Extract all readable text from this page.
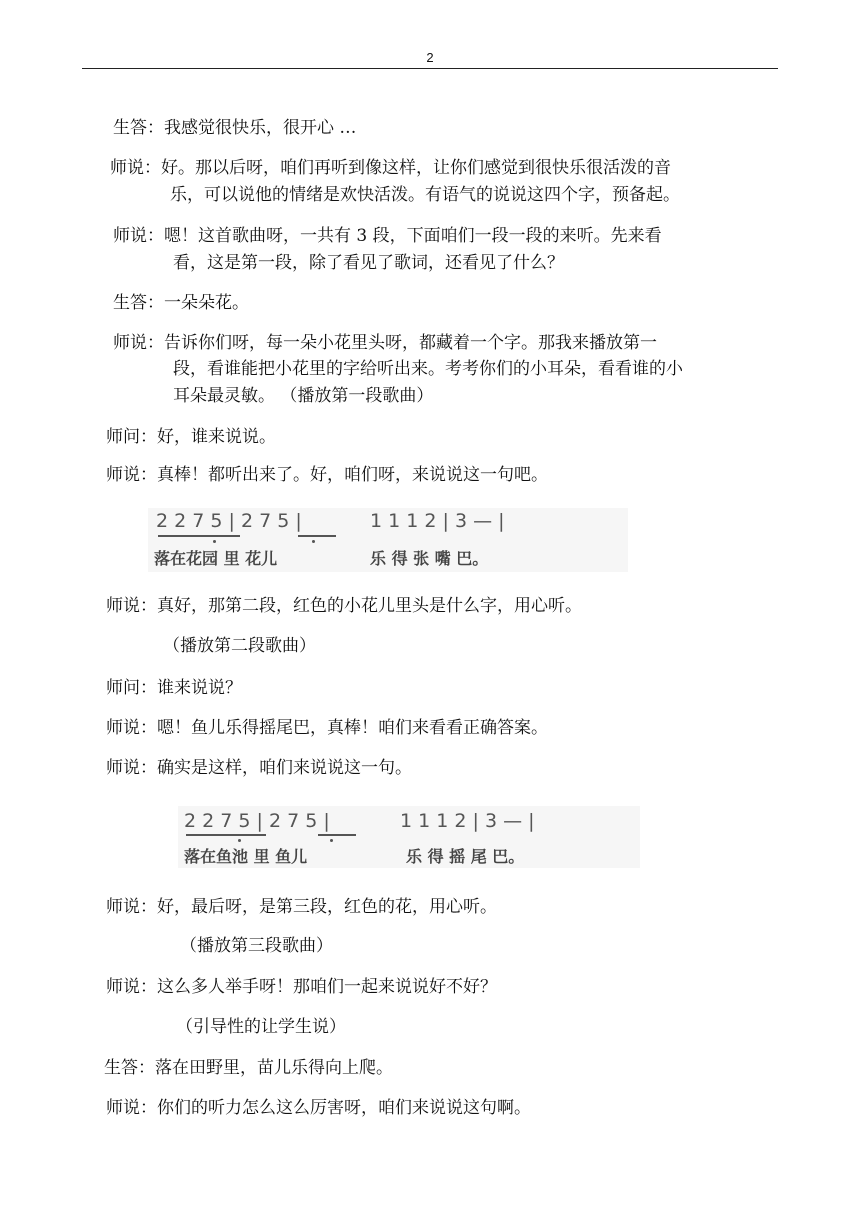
2
生答：我感觉很快乐，很开心 …
师说：好。那以后呀，咱们再听到像这样，让你们感觉到很快乐很活泼的音
乐，可以说他的情绪是欢快活泼。有语气的说说这四个字，预备起。
师说：嗯！这首歌曲呀，一共有 3 段，下面咱们一段一段的来听。先来看
看，这是第一段，除了看见了歌词，还看见了什么？
生答：一朵朵花。
师说：告诉你们呀，每一朵小花里头呀，都藏着一个字。那我来播放第一
段，看谁能把小花里的字给听出来。考考你们的小耳朵，看看谁的小
耳朵最灵敏。 （播放第一段歌曲）
师问：好，谁来说说。
师说：真棒！都听出来了。好，咱们呀，来说说这一句吧。
2 2 7 5 | 2 7 5 |	1 1 1 2 | 3 — |
落在花园 里 花儿	乐 得 张 嘴 巴。
师说：真好，那第二段，红色的小花儿里头是什么字，用心听。
（播放第二段歌曲）
师问：谁来说说？
师说：嗯！鱼儿乐得摇尾巴，真棒！咱们来看看正确答案。
师说：确实是这样，咱们来说说这一句。
2 2 7 5 | 2 7 5 |	1 1 1 2 | 3 — |
落在鱼池 里 鱼儿	乐 得 摇 尾 巴。
师说：好，最后呀，是第三段，红色的花，用心听。
（播放第三段歌曲）
师说：这么多人举手呀！那咱们一起来说说好不好？
（引导性的让学生说）
生答：落在田野里，苗儿乐得向上爬。
师说：你们的听力怎么这么厉害呀，咱们来说说这句啊。
